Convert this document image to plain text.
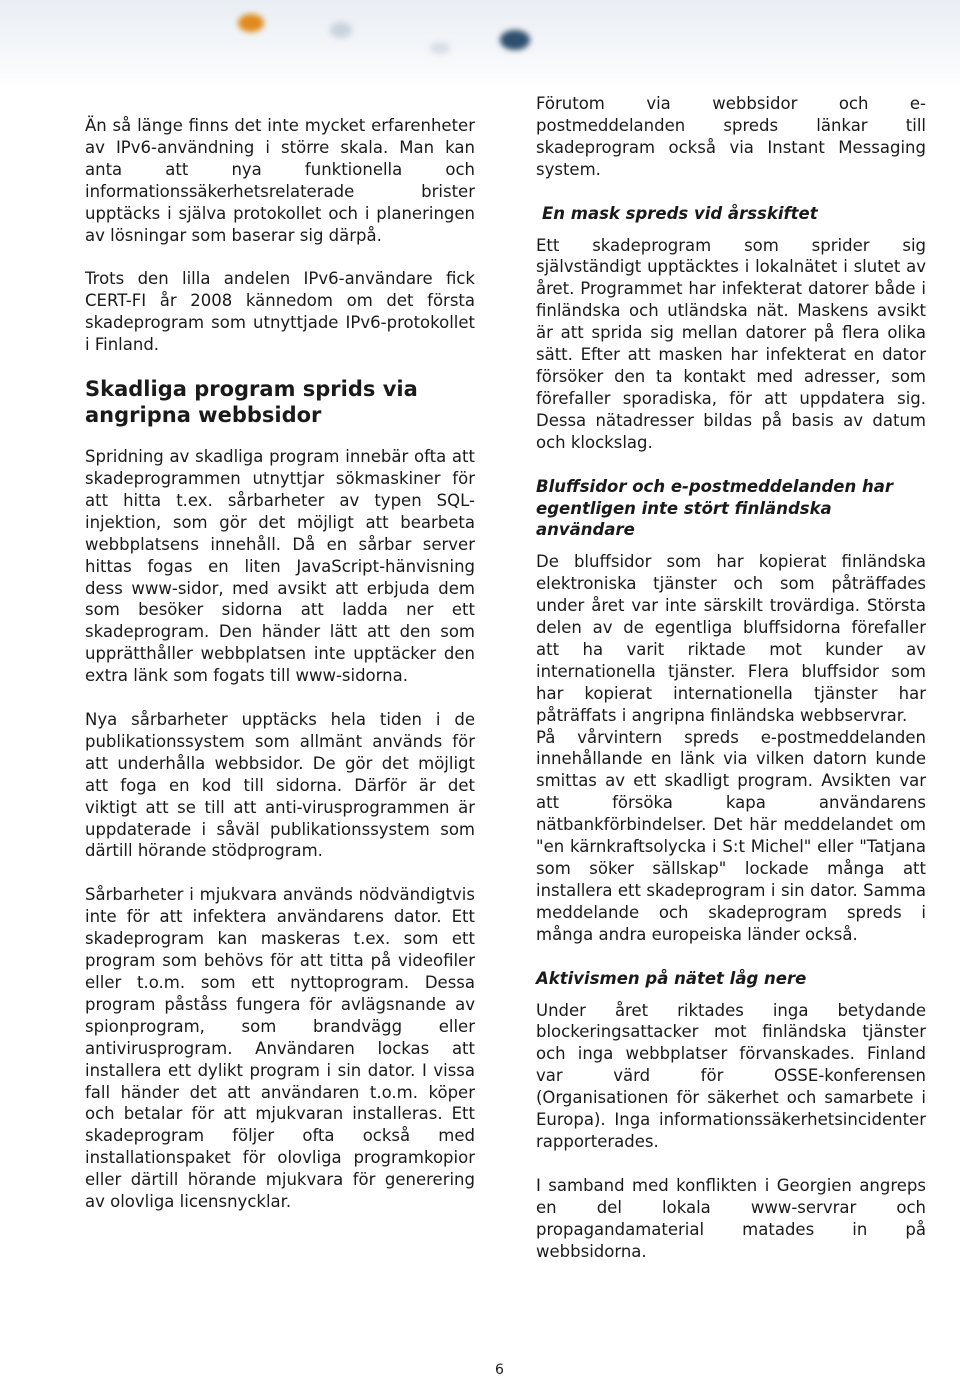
Än så länge finns det inte mycket erfarenheter av IPv6-användning i större skala. Man kan anta att nya funktionella och informationssäkerhetsrelaterade brister upptäcks i själva protokollet och i planeringen av lösningar som baserar sig därpå.

Trots den lilla andelen IPv6-användare fick CERT-FI år 2008 kännedom om det första skadeprogram som utnyttjade IPv6-protokollet i Finland.

Skadliga program sprids via angripna webbsidor

Spridning av skadliga program innebär ofta att skadeprogrammen utnyttjar sökmaskiner för att hitta t.ex. sårbarheter av typen SQL-injektion, som gör det möjligt att bearbeta webbplatsens innehåll. Då en sårbar server hittas fogas en liten JavaScript-hänvisning dess www-sidor, med avsikt att erbjuda dem som besöker sidorna att ladda ner ett skadeprogram. Den händer lätt att den som upprätthåller webbplatsen inte upptäcker den extra länk som fogats till www-sidorna.

Nya sårbarheter upptäcks hela tiden i de publikationssystem som allmänt används för att underhålla webbsidor. De gör det möjligt att foga en kod till sidorna. Därför är det viktigt att se till att anti-virusprogrammen är uppdaterade i såväl publikationssystem som därtill hörande stödprogram.

Sårbarheter i mjukvara används nödvändigtvis inte för att infektera användarens dator. Ett skadeprogram kan maskeras t.ex. som ett program som behövs för att titta på videofiler eller t.o.m. som ett nyttoprogram. Dessa program påståss fungera för avlägsnande av spionprogram, som brandvägg eller antivirusprogram. Användaren lockas att installera ett dylikt program i sin dator. I vissa fall händer det att användaren t.o.m. köper och betalar för att mjukvaran installeras. Ett skadeprogram följer ofta också med installationspaket för olovliga programkopior eller därtill hörande mjukvara för generering av olovliga licensnycklar.

Förutom via webbsidor och e-postmeddelanden spreds länkar till skadeprogram också via Instant Messaging system.

En mask spreds vid årsskiftet

Ett skadeprogram som sprider sig självständigt upptäcktes i lokalnätet i slutet av året. Programmet har infekterat datorer både i finländska och utländska nät. Maskens avsikt är att sprida sig mellan datorer på flera olika sätt. Efter att masken har infekterat en dator försöker den ta kontakt med adresser, som förefaller sporadiska, för att uppdatera sig. Dessa nätadresser bildas på basis av datum och klockslag.

Bluffsidor och e-postmeddelanden har egentligen inte stört finländska användare

De bluffsidor som har kopierat finländska elektroniska tjänster och som påträffades under året var inte särskilt trovärdiga. Största delen av de egentliga bluffsidorna förefaller att ha varit riktade mot kunder av internationella tjänster. Flera bluffsidor som har kopierat internationella tjänster har påträffats i angripna finländska webbservrar.

På vårvintern spreds e-postmeddelanden innehållande en länk via vilken datorn kunde smittas av ett skadligt program. Avsikten var att försöka kapa användarens nätbankförbindelser. Det här meddelandet om "en kärnkraftsolycka i S:t Michel" eller "Tatjana som söker sällskap" lockade många att installera ett skadeprogram i sin dator. Samma meddelande och skadeprogram spreds i många andra europeiska länder också.

Aktivismen på nätet låg nere

Under året riktades inga betydande blockeringsattacker mot finländska tjänster och inga webbplatser förvanskades. Finland var värd för OSSE-konferensen (Organisationen för säkerhet och samarbete i Europa). Inga informationssäkerhetsincidenter rapporterades.

I samband med konflikten i Georgien angreps en del lokala www-servrar och propagandamaterial matades in på webbsidorna.

6
